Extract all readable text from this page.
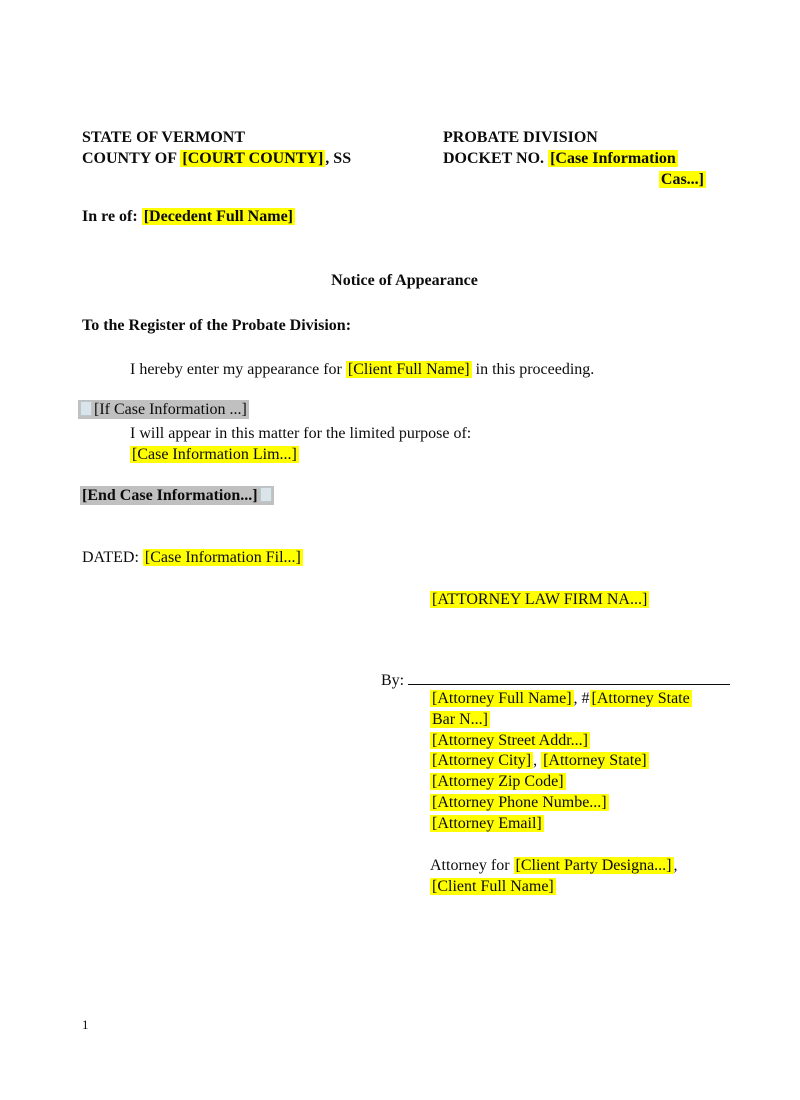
STATE OF VERMONT
COUNTY OF [COURT COUNTY] , SS
PROBATE DIVISION
DOCKET NO. [Case Information
Cas...]
In re of: [Decedent Full Name]
Notice of Appearance
To the Register of the Probate Division:
I hereby enter my appearance for [Client Full Name] in this proceeding.
[If Case Information ...]
I will appear in this matter for the limited purpose of:
[Case Information Lim...]
[End Case Information...]
DATED: [Case Information Fil...]
[ATTORNEY LAW FIRM NA...]
By:
[Attorney Full Name] , # [Attorney State
Bar N...]
[Attorney Street Addr...]
[Attorney City] , [Attorney State]
[Attorney Zip Code]
[Attorney Phone Numbe...]
[Attorney Email]
Attorney for [Client Party Designa...] ,
[Client Full Name]
1
